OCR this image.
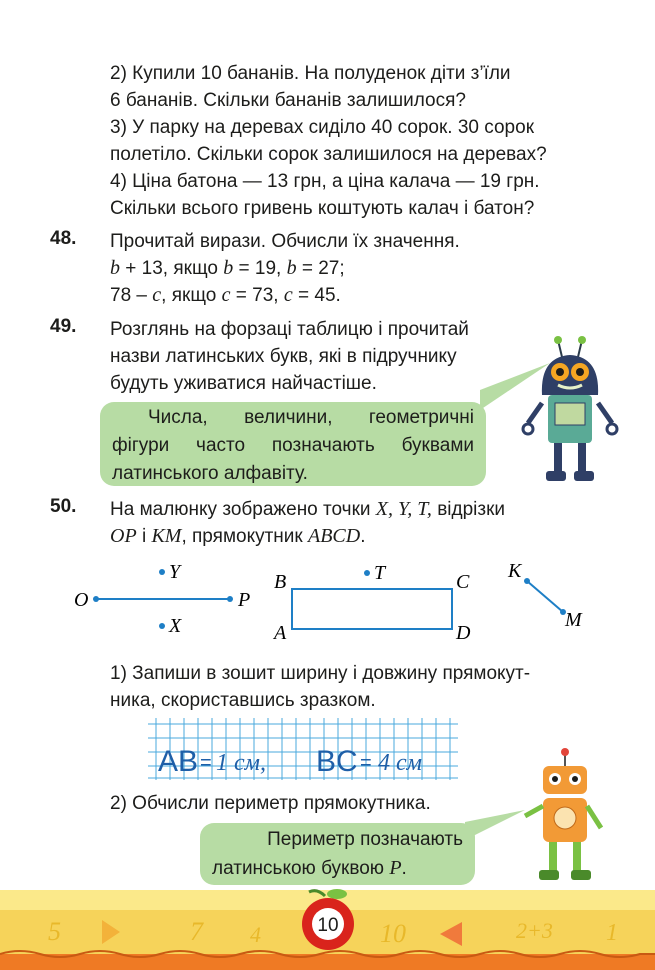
2) Купили 10 бананів. На полуденок діти з’їли
6 бананів. Скільки бананів залишилося?
3) У парку на деревах сиділо 40 сорок. 30 сорок
полетіло. Скільки сорок залишилося на деревах?
4) Ціна батона — 13 грн, а ціна калача — 19 грн.
Скільки всього гривень коштують калач і батон?
48. Прочитай вирази. Обчисли їх значення.
b + 13, якщо b = 19, b = 27;
78 – c, якщо c = 73, c = 45.
49. Розглянь на форзаці таблицю і прочитай
назви латинських букв, які в підручнику
будуть уживатися найчастіше.
Числа, величини, геометричні
фігури часто позначають буквами
латинського алфавіту.
50. На малюнку зображено точки X, Y, T, відрізки
OP і KM, прямокутник ABCD.
O	P
Y
X
B	C
A	D
T	K
M
1) Запиши в зошит ширину і довжину прямокут-
ника, скориставшись зразком.
AB = 1 см, BC = 4 см
2) Обчисли периметр прямокутника.
Периметр позначають
латинською буквою P.
5	7 4	10	2+3 1
10
